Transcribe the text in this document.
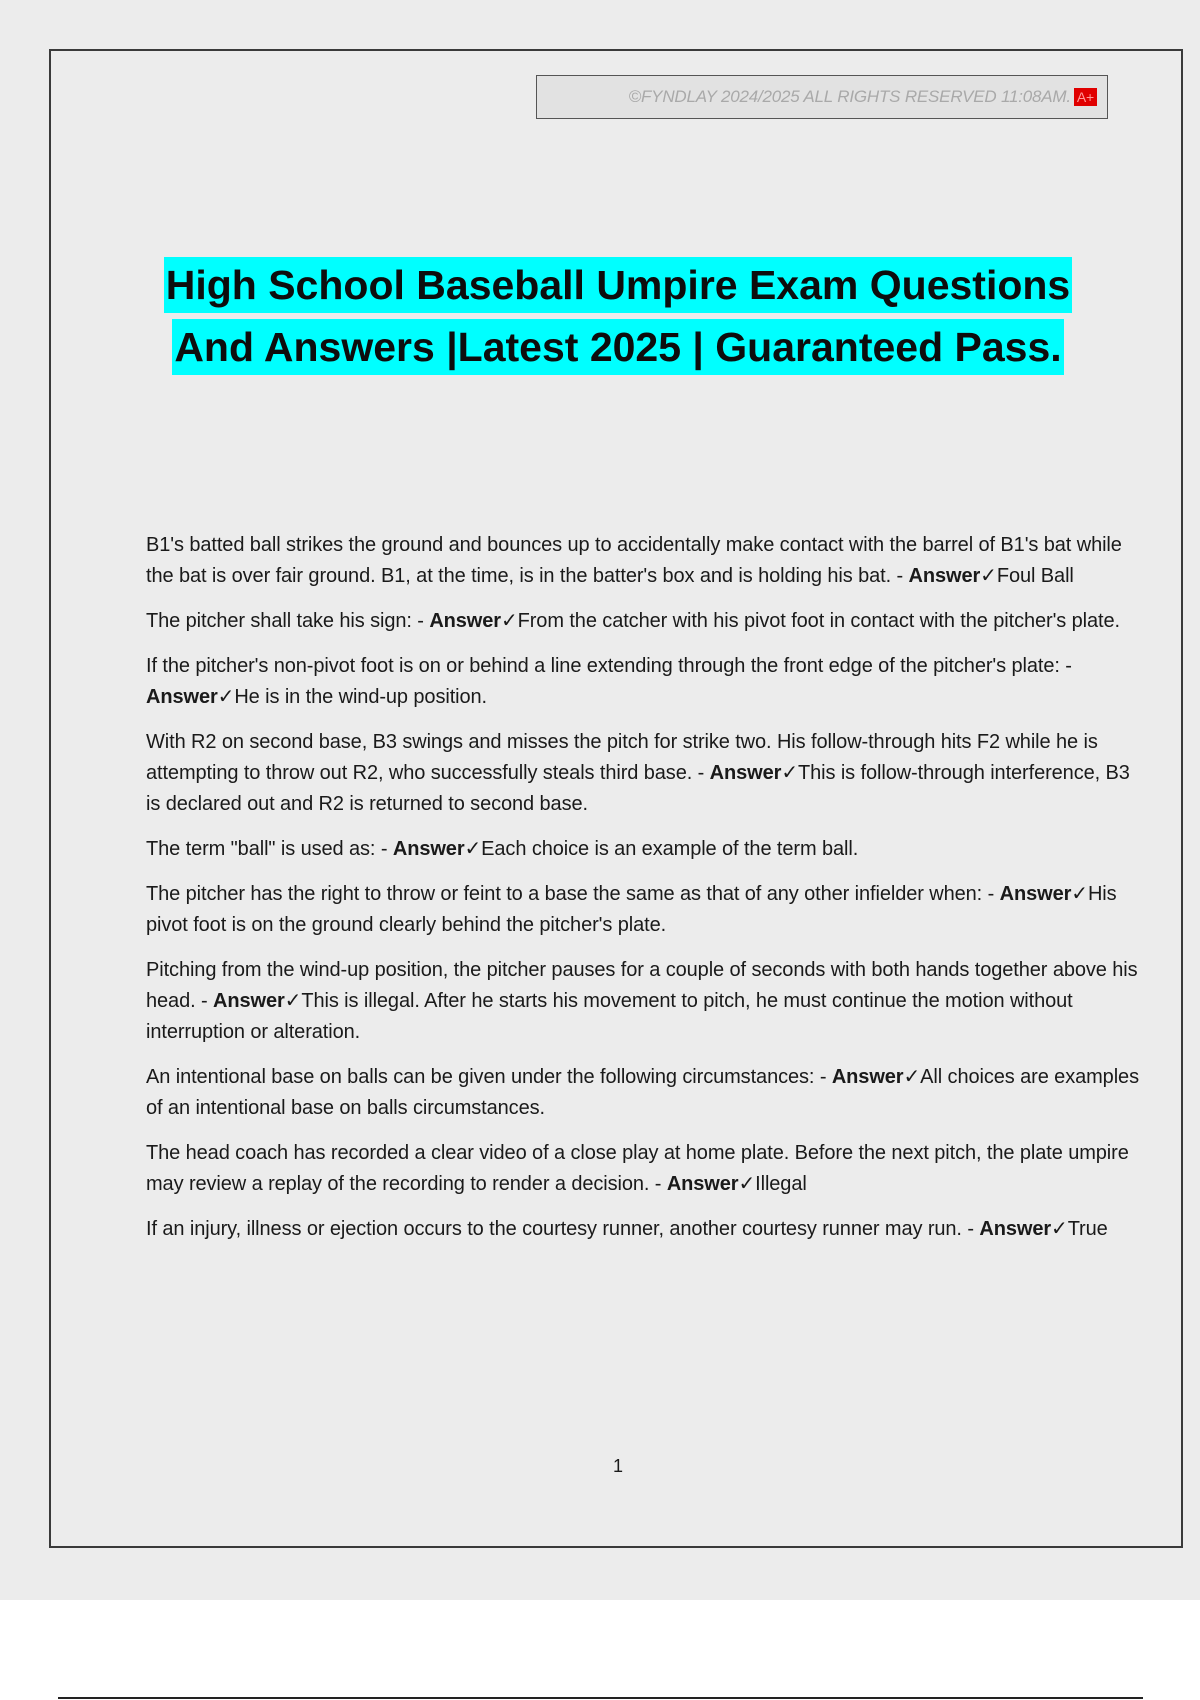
©FYNDLAY 2024/2025 ALL RIGHTS RESERVED 11:08AM. A+
High School Baseball Umpire Exam Questions
And Answers |Latest 2025 | Guaranteed Pass.
B1's batted ball strikes the ground and bounces up to accidentally make contact with the barrel of B1's bat while the bat is over fair ground. B1, at the time, is in the batter's box and is holding his bat. - Answer✓Foul Ball
The pitcher shall take his sign: - Answer✓From the catcher with his pivot foot in contact with the pitcher's plate.
If the pitcher's non-pivot foot is on or behind a line extending through the front edge of the pitcher's plate: - Answer✓He is in the wind-up position.
With R2 on second base, B3 swings and misses the pitch for strike two. His follow-through hits F2 while he is attempting to throw out R2, who successfully steals third base. - Answer✓This is follow-through interference, B3 is declared out and R2 is returned to second base.
The term "ball" is used as: - Answer✓Each choice is an example of the term ball.
The pitcher has the right to throw or feint to a base the same as that of any other infielder when: - Answer✓His pivot foot is on the ground clearly behind the pitcher's plate.
Pitching from the wind-up position, the pitcher pauses for a couple of seconds with both hands together above his head. - Answer✓This is illegal. After he starts his movement to pitch, he must continue the motion without interruption or alteration.
An intentional base on balls can be given under the following circumstances: - Answer✓All choices are examples of an intentional base on balls circumstances.
The head coach has recorded a clear video of a close play at home plate. Before the next pitch, the plate umpire may review a replay of the recording to render a decision. - Answer✓Illegal
If an injury, illness or ejection occurs to the courtesy runner, another courtesy runner may run. - Answer✓True
1
